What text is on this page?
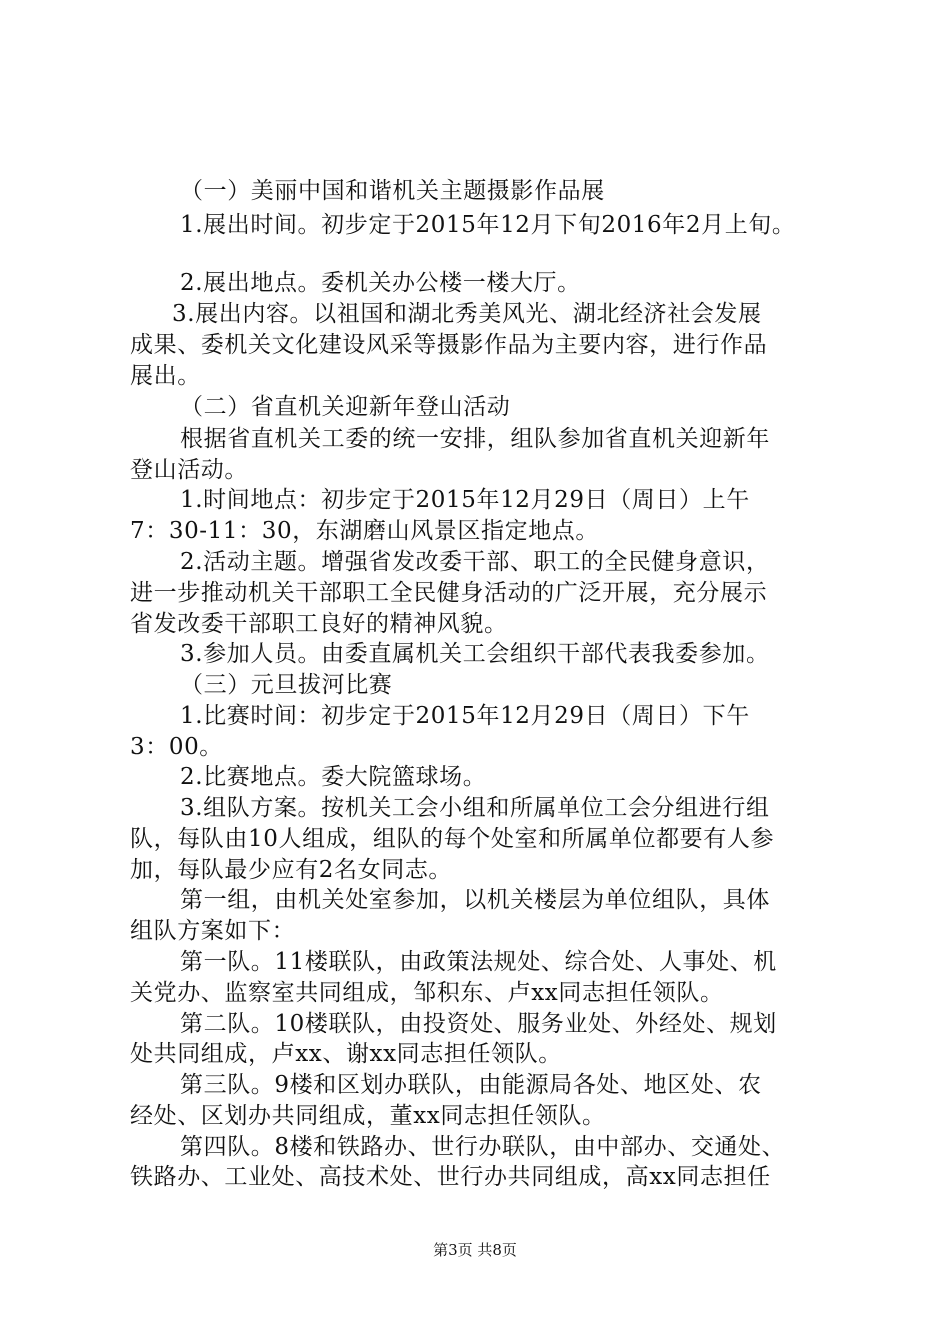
（一）美丽中国和谐机关主题摄影作品展
1.展出时间。初步定于2015年12月下旬2016年2月上旬。
2.展出地点。委机关办公楼一楼大厅。
3.展出内容。以祖国和湖北秀美风光、湖北经济社会发展
成果、委机关文化建设风采等摄影作品为主要内容，进行作品
展出。
（二）省直机关迎新年登山活动
根据省直机关工委的统一安排，组队参加省直机关迎新年
登山活动。
1.时间地点：初步定于2015年12月29日（周日）上午
7：30-11：30，东湖磨山风景区指定地点。
2.活动主题。增强省发改委干部、职工的全民健身意识，
进一步推动机关干部职工全民健身活动的广泛开展，充分展示
省发改委干部职工良好的精神风貌。
3.参加人员。由委直属机关工会组织干部代表我委参加。
（三）元旦拔河比赛
1.比赛时间：初步定于2015年12月29日（周日）下午
3：00。
2.比赛地点。委大院篮球场。
3.组队方案。按机关工会小组和所属单位工会分组进行组
队，每队由10人组成，组队的每个处室和所属单位都要有人参
加，每队最少应有2名女同志。
第一组，由机关处室参加，以机关楼层为单位组队，具体
组队方案如下：
第一队。11楼联队，由政策法规处、综合处、人事处、机
关党办、监察室共同组成，邹积东、卢xx同志担任领队。
第二队。10楼联队，由投资处、服务业处、外经处、规划
处共同组成，卢xx、谢xx同志担任领队。
第三队。9楼和区划办联队，由能源局各处、地区处、农
经处、区划办共同组成，董xx同志担任领队。
第四队。8楼和铁路办、世行办联队，由中部办、交通处、
铁路办、工业处、高技术处、世行办共同组成，高xx同志担任
第3页 共8页
